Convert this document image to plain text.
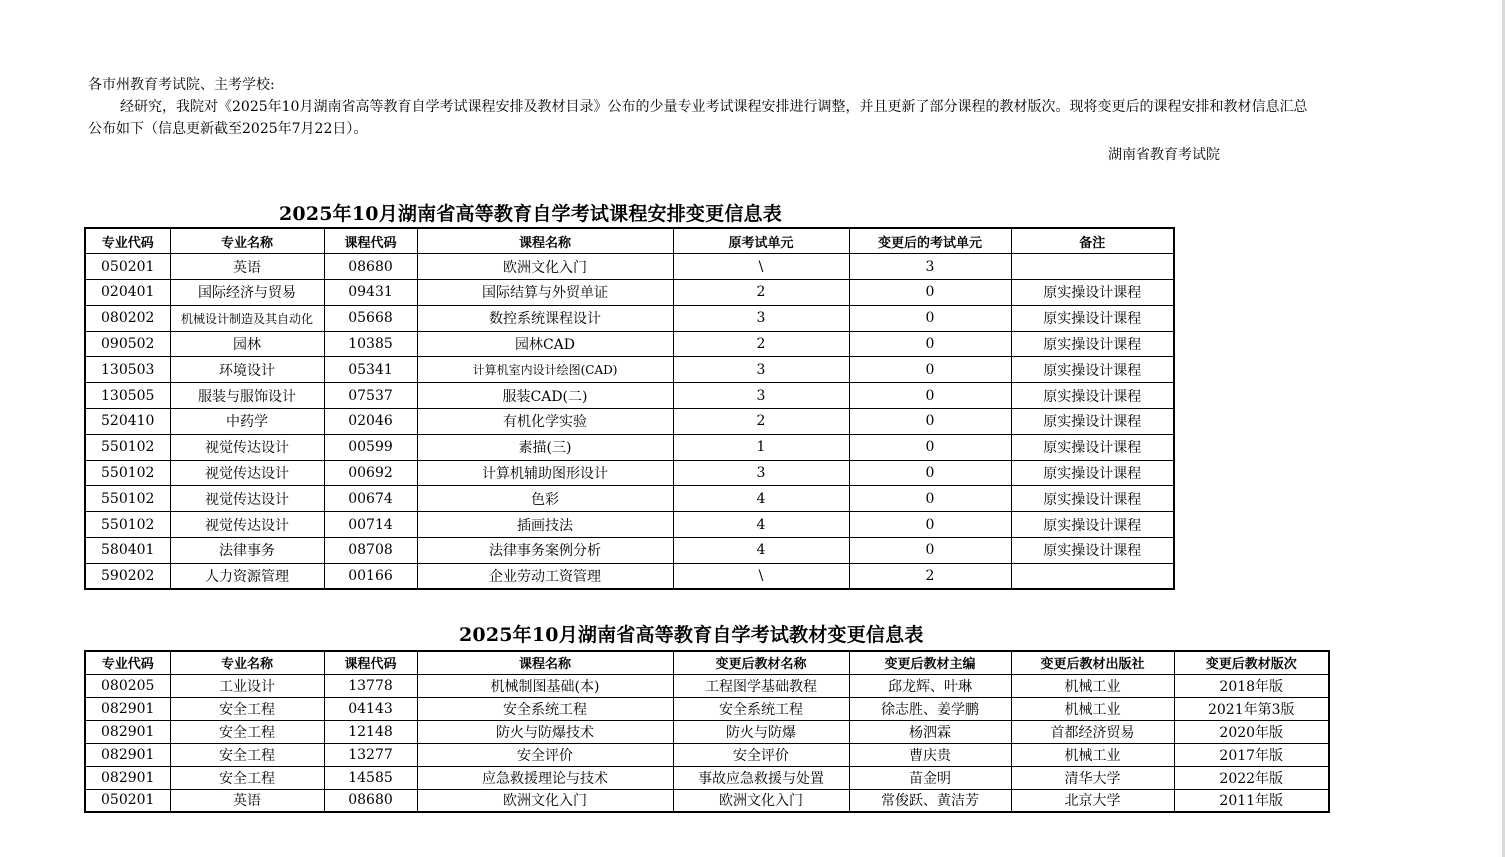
各市州教育考试院、主考学校:

经研究，我院对《2025年10月湖南省高等教育自学考试课程安排及教材目录》公布的少量专业考试课程安排进行调整，并且更新了部分课程的教材版次。现将变更后的课程安排和教材信息汇总公布如下（信息更新截至2025年7月22日）。

湖南省教育考试院
2025年10月湖南省高等教育自学考试课程安排变更信息表
专业代码	专业名称	课程代码	课程名称	原考试单元	变更后的考试单元	备注
050201	英语	08680	欧洲文化入门	\	3	
020401	国际经济与贸易	09431	国际结算与外贸单证	2	0	原实操设计课程
080202	机械设计制造及其自动化	05668	数控系统课程设计	3	0	原实操设计课程
090502	园林	10385	园林CAD	2	0	原实操设计课程
130503	环境设计	05341	计算机室内设计绘图(CAD)	3	0	原实操设计课程
130505	服装与服饰设计	07537	服装CAD(二)	3	0	原实操设计课程
520410	中药学	02046	有机化学实验	2	0	原实操设计课程
550102	视觉传达设计	00599	素描(三)	1	0	原实操设计课程
550102	视觉传达设计	00692	计算机辅助图形设计	3	0	原实操设计课程
550102	视觉传达设计	00674	色彩	4	0	原实操设计课程
550102	视觉传达设计	00714	插画技法	4	0	原实操设计课程
580401	法律事务	08708	法律事务案例分析	4	0	原实操设计课程
590202	人力资源管理	00166	企业劳动工资管理	\	2	
2025年10月湖南省高等教育自学考试教材变更信息表
专业代码	专业名称	课程代码	课程名称	变更后教材名称	变更后教材主编	变更后教材出版社	变更后教材版次
080205	工业设计	13778	机械制图基础(本)	工程图学基础教程	邱龙辉、叶琳	机械工业	2018年版
082901	安全工程	04143	安全系统工程	安全系统工程	徐志胜、姜学鹏	机械工业	2021年第3版
082901	安全工程	12148	防火与防爆技术	防火与防爆	杨泗霖	首都经济贸易	2020年版
082901	安全工程	13277	安全评价	安全评价	曹庆贵	机械工业	2017年版
082901	安全工程	14585	应急救援理论与技术	事故应急救援与处置	苗金明	清华大学	2022年版
050201	英语	08680	欧洲文化入门	欧洲文化入门	常俊跃、黄洁芳	北京大学	2011年版
